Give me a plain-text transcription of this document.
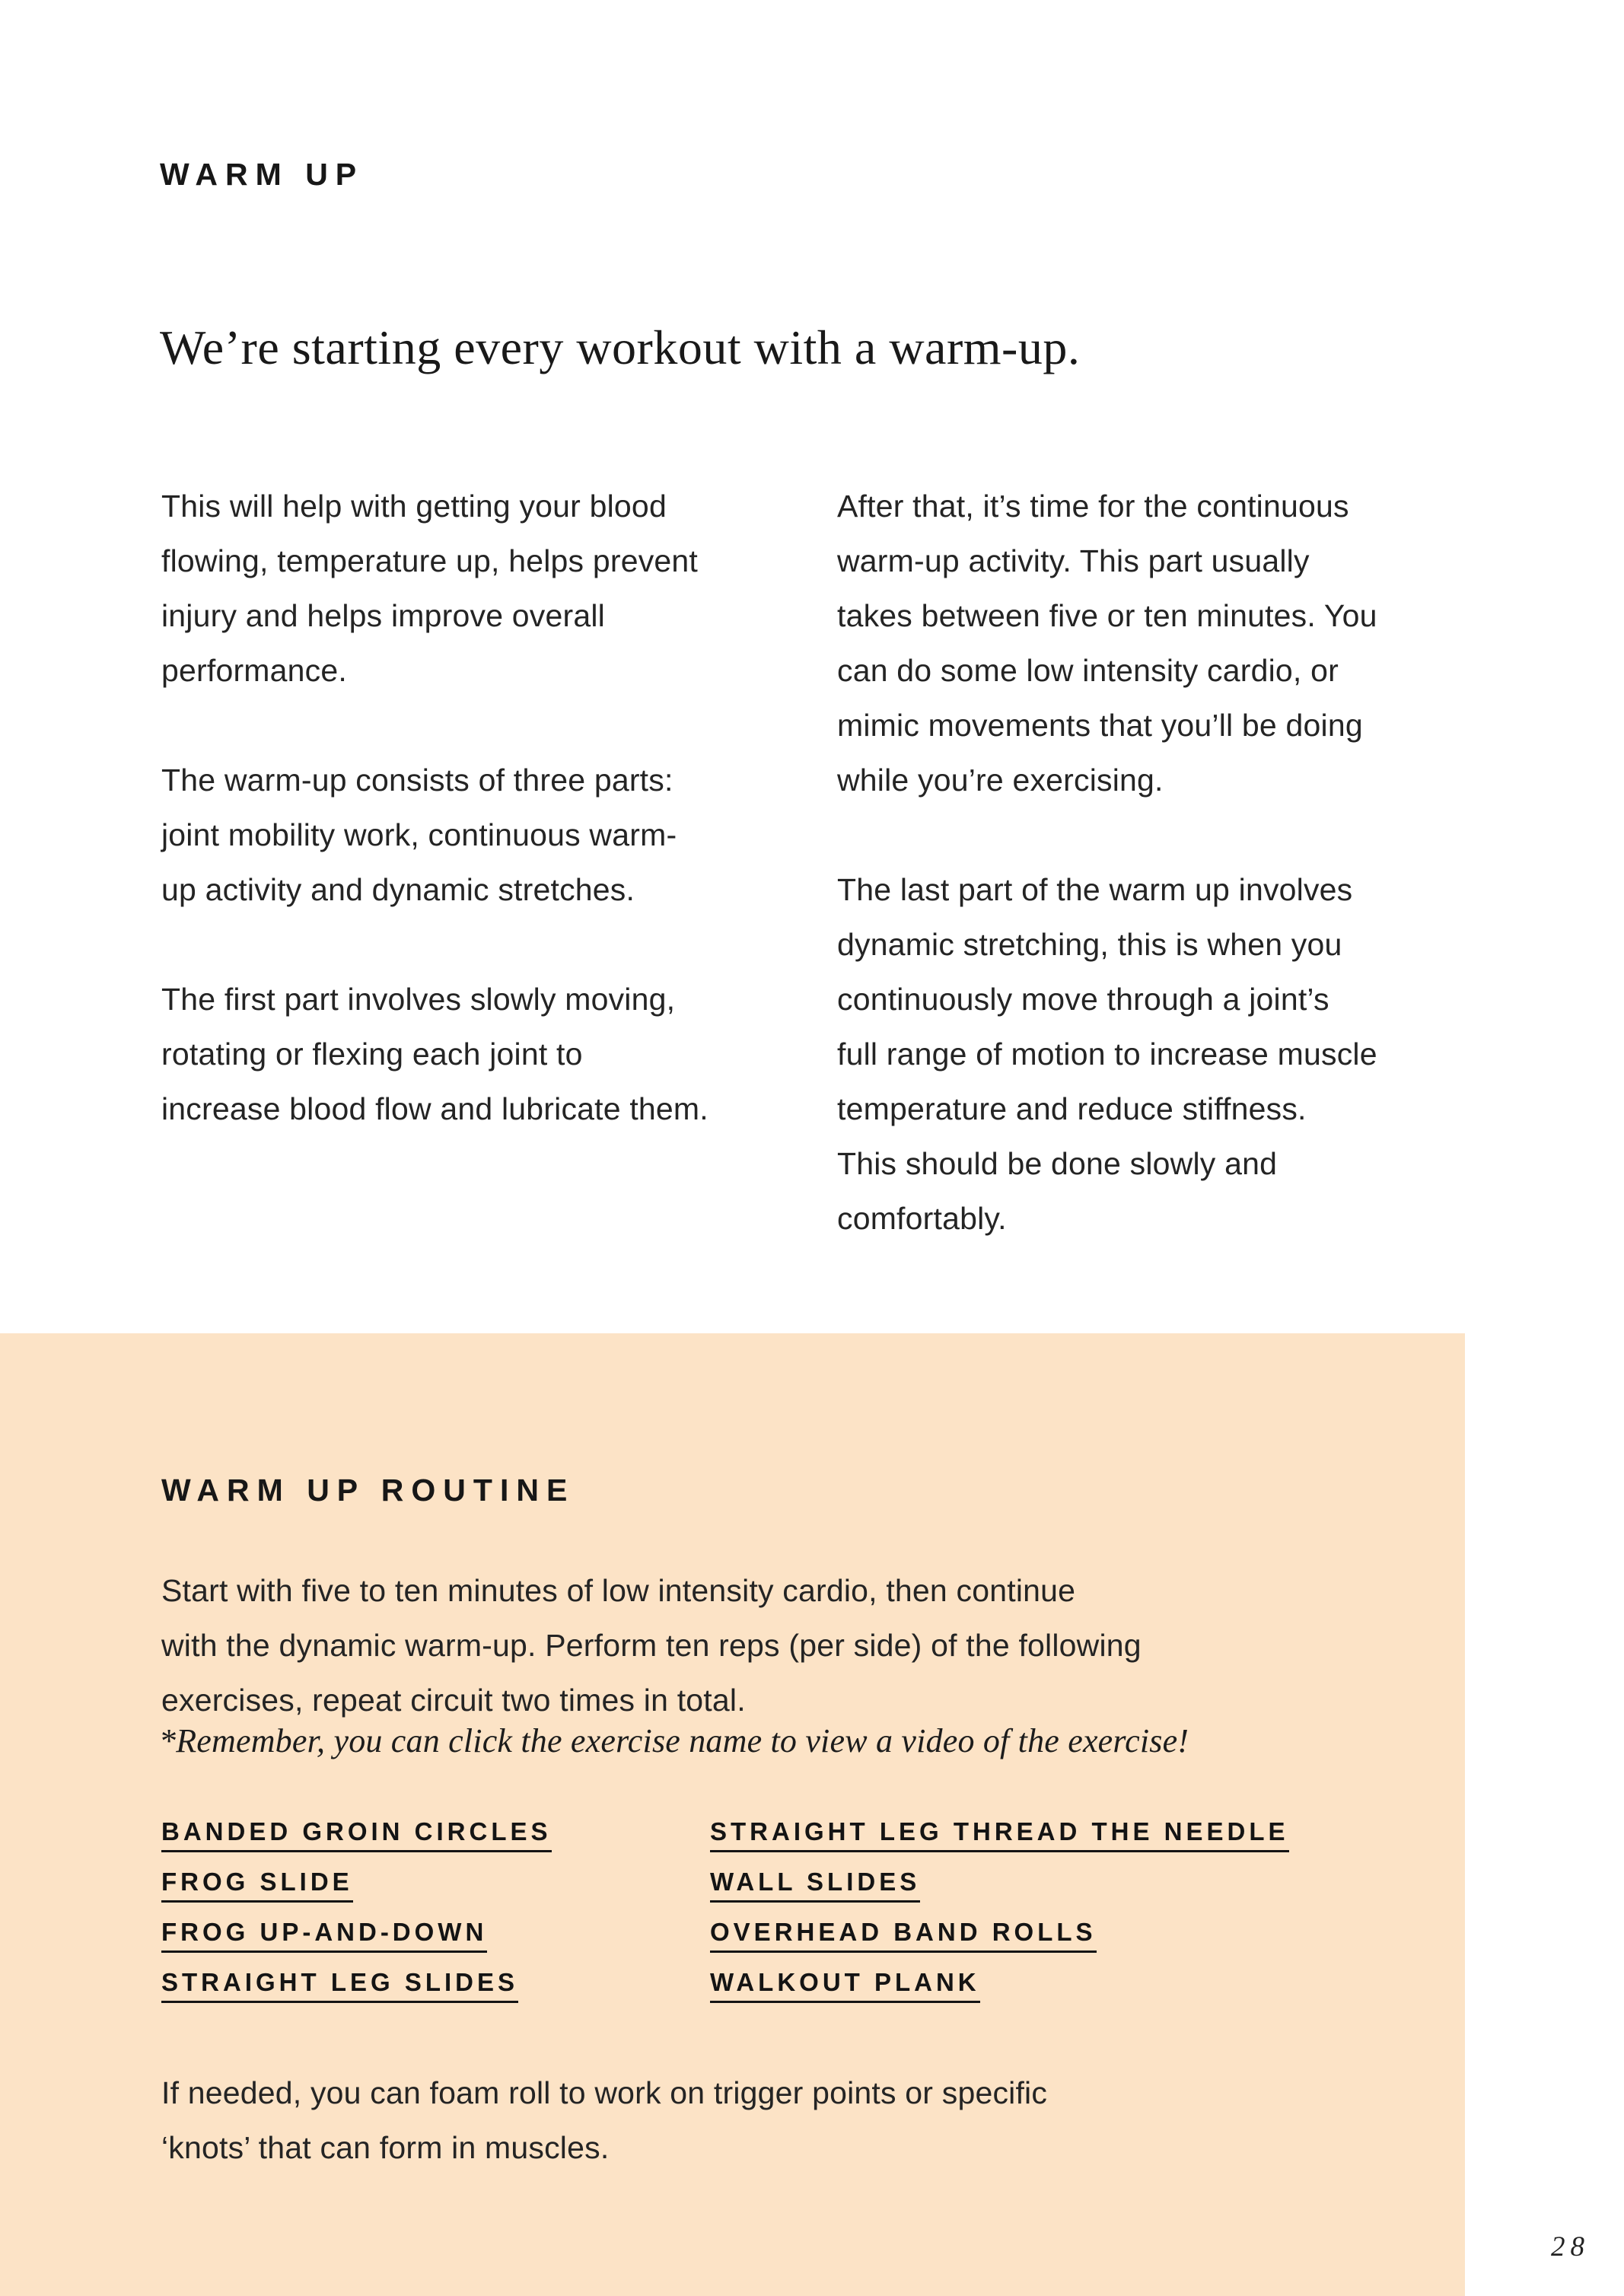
WARM UP
We’re starting every workout with a warm-up.
This will help with getting your blood
flowing, temperature up, helps prevent
injury and helps improve overall
performance.
The warm-up consists of three parts:
joint mobility work, continuous warm-
up activity and dynamic stretches.
The first part involves slowly moving,
rotating or flexing each joint to
increase blood flow and lubricate them.
After that, it’s time for the continuous
warm-up activity. This part usually
takes between five or ten minutes. You
can do some low intensity cardio, or
mimic movements that you’ll be doing
while you’re exercising.
The last part of the warm up involves
dynamic stretching, this is when you
continuously move through a joint’s
full range of motion to increase muscle
temperature and reduce stiffness.
This should be done slowly and
comfortably.
WARM UP ROUTINE
Start with five to ten minutes of low intensity cardio, then continue
with the dynamic warm-up. Perform ten reps (per side) of the following
exercises, repeat circuit two times in total.
*Remember, you can click the exercise name to view a video of the exercise!
BANDED GROIN CIRCLES
FROG SLIDE
FROG UP-AND-DOWN
STRAIGHT LEG SLIDES
STRAIGHT LEG THREAD THE NEEDLE
WALL SLIDES
OVERHEAD BAND ROLLS
WALKOUT PLANK
If needed, you can foam roll to work on trigger points or specific
‘knots’ that can form in muscles.
28
